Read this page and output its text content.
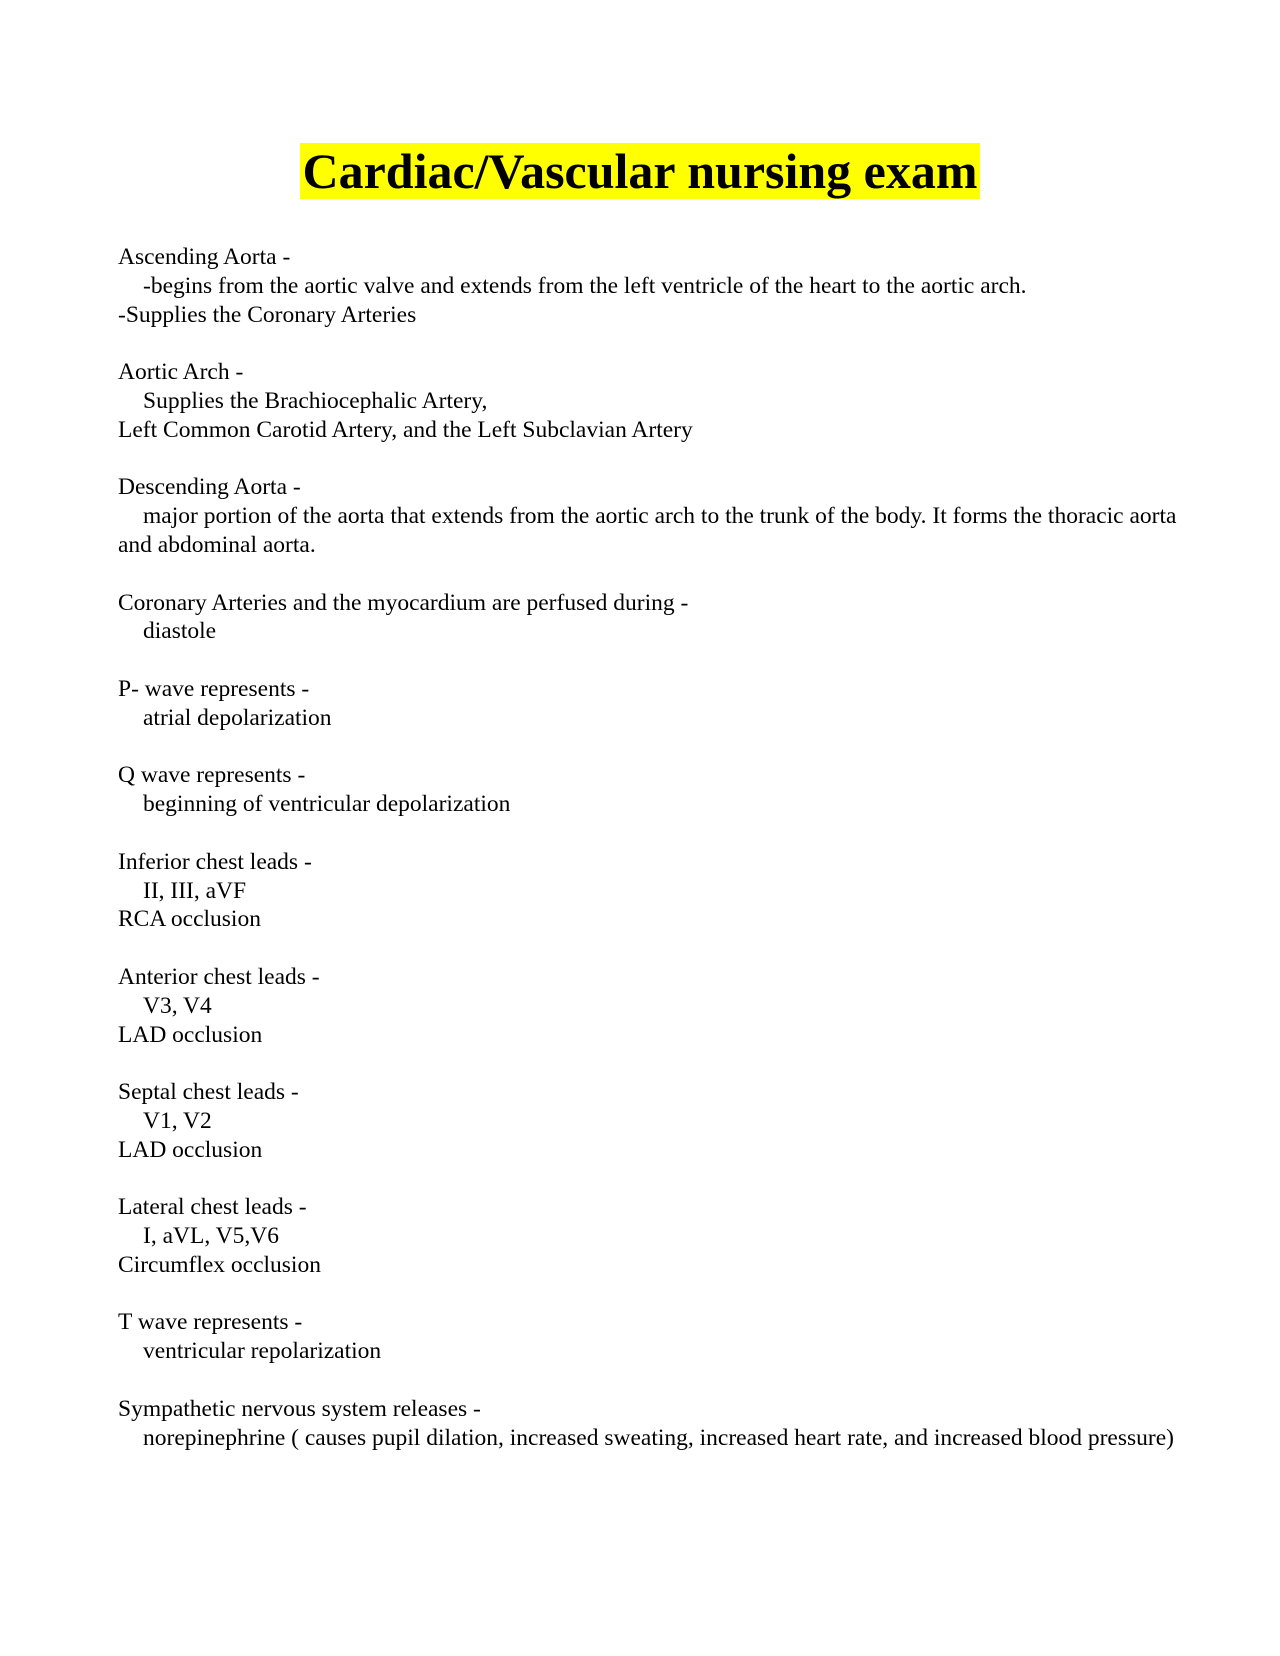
Cardiac/Vascular nursing exam
Ascending Aorta -
-begins from the aortic valve and extends from the left ventricle of the heart to the aortic arch.
-Supplies the Coronary Arteries
Aortic Arch -
Supplies the Brachiocephalic Artery,
Left Common Carotid Artery, and the Left Subclavian Artery
Descending Aorta -
major portion of the aorta that extends from the aortic arch to the trunk of the body. It forms the thoracic aorta and abdominal aorta.
Coronary Arteries and the myocardium are perfused during -
diastole
P- wave represents -
atrial depolarization
Q wave represents -
beginning of ventricular depolarization
Inferior chest leads -
II, III, aVF
RCA occlusion
Anterior chest leads -
V3, V4
LAD occlusion
Septal chest leads -
V1, V2
LAD occlusion
Lateral chest leads -
I, aVL, V5,V6
Circumflex occlusion
T wave represents -
ventricular repolarization
Sympathetic nervous system releases -
norepinephrine ( causes pupil dilation, increased sweating, increased heart rate, and increased blood pressure)
